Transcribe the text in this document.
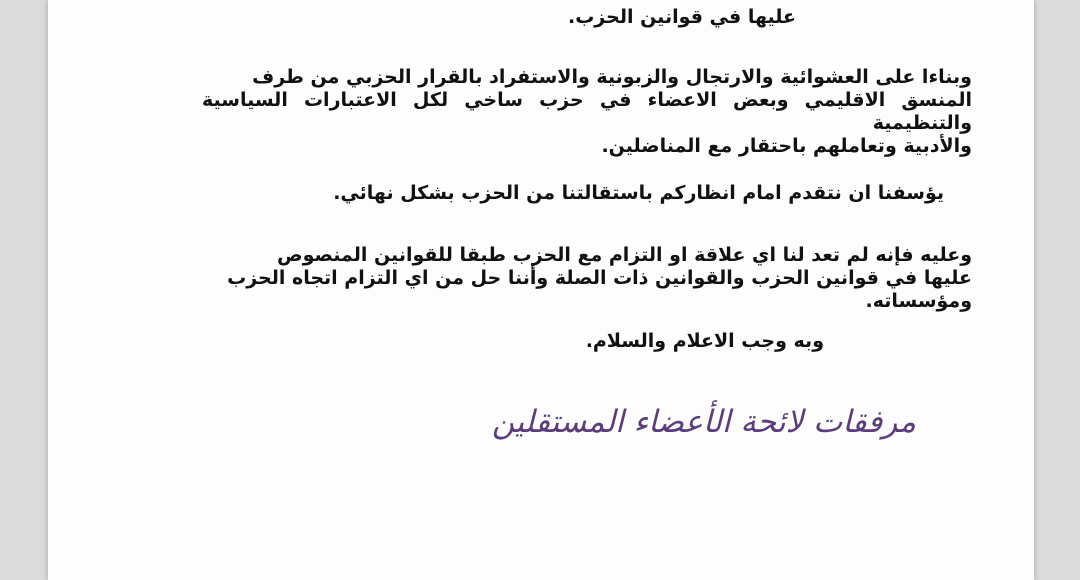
عليها في قوانين الحزب.
وبناءا على العشوائية والارتجال والزبونية والاستفراد بالقرار الحزبي من طرف
المنسق الاقليمي وبعض الاعضاء في حزب ساخي لكل الاعتبارات السياسية والتنظيمية
والأدبية وتعاملهم باحتقار مع المناضلين.
يؤسفنا ان نتقدم امام انظاركم باستقالتنا من الحزب بشكل نهائي.
وعليه فإنه لم تعد لنا اي علاقة او التزام مع الحزب طبقا للقوانين المنصوص
عليها في قوانين الحزب والقوانين ذات الصلة وأننا حل من اي التزام اتجاه الحزب
ومؤسساته.
وبه وجب الاعلام والسلام.
مرفقات لائحة الأعضاء المستقلين
